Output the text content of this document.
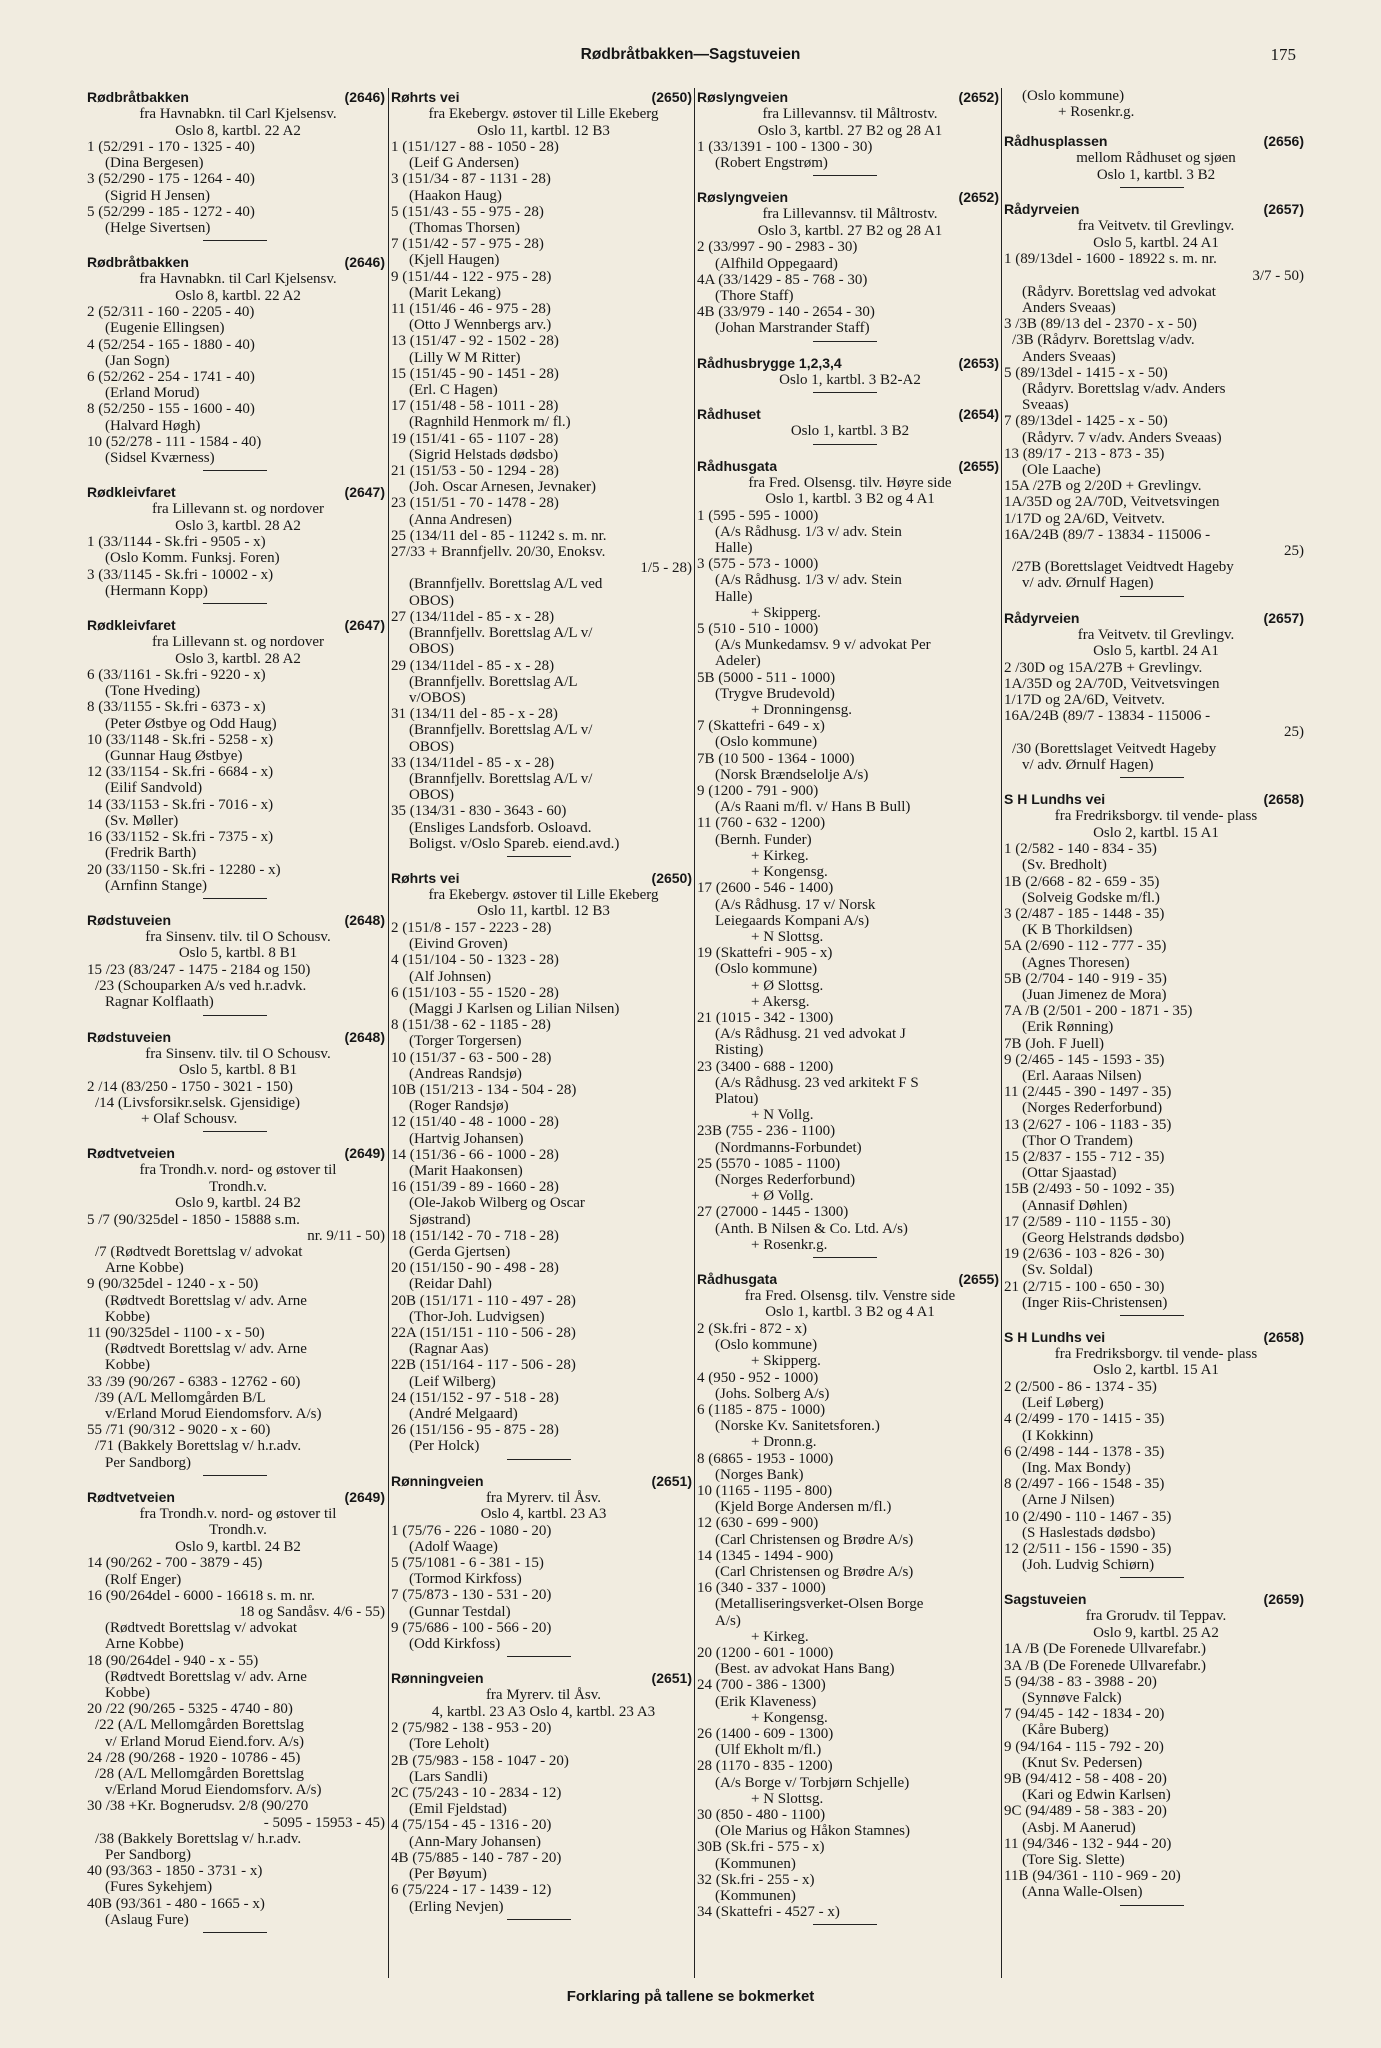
Rødbråtbakken—Sagstuveien	175
Rødbråtbakken	(2646)
fra Havnabkn. til Carl Kjelsensv.
Oslo 8, kartbl. 22 A2
1 (52/291 - 170 - 1325 - 40)
(Dina Bergesen)
3 (52/290 - 175 - 1264 - 40)
(Sigrid H Jensen)
5 (52/299 - 185 - 1272 - 40)
(Helge Sivertsen)
Rødbråtbakken	(2646)
fra Havnabkn. til Carl Kjelsensv.
Oslo 8, kartbl. 22 A2
2 (52/311 - 160 - 2205 - 40)
(Eugenie Ellingsen)
4 (52/254 - 165 - 1880 - 40)
(Jan Sogn)
6 (52/262 - 254 - 1741 - 40)
(Erland Morud)
8 (52/250 - 155 - 1600 - 40)
(Halvard Høgh)
10 (52/278 - 111 - 1584 - 40)
(Sidsel Kværness)
Rødkleivfaret	(2647)
fra Lillevann st. og nordover
Oslo 3, kartbl. 28 A2
1 (33/1144 - Sk.fri - 9505 - x)
(Oslo Komm. Funksj. Foren)
3 (33/1145 - Sk.fri - 10002 - x)
(Hermann Kopp)
Rødkleivfaret	(2647)
fra Lillevann st. og nordover
Oslo 3, kartbl. 28 A2
6 (33/1161 - Sk.fri - 9220 - x)
(Tone Hveding)
8 (33/1155 - Sk.fri - 6373 - x)
(Peter Østbye og Odd Haug)
10 (33/1148 - Sk.fri - 5258 - x)
(Gunnar Haug Østbye)
12 (33/1154 - Sk.fri - 6684 - x)
(Eilif Sandvold)
14 (33/1153 - Sk.fri - 7016 - x)
(Sv. Møller)
16 (33/1152 - Sk.fri - 7375 - x)
(Fredrik Barth)
20 (33/1150 - Sk.fri - 12280 - x)
(Arnfinn Stange)
Rødstuveien	(2648)
fra Sinsenv. tilv. til O Schousv.
Oslo 5, kartbl. 8 B1
15 /23 (83/247 - 1475 - 2184 og 150)
/23 (Schouparken A/s ved h.r.advk.
Ragnar Kolflaath)
Rødstuveien	(2648)
fra Sinsenv. tilv. til O Schousv.
Oslo 5, kartbl. 8 B1
2 /14 (83/250 - 1750 - 3021 - 150)
/14 (Livsforsikr.selsk. Gjensidige)
+ Olaf Schousv.
Rødtvetveien	(2649)
fra Trondh.v. nord- og østover til
Trondh.v.
Oslo 9, kartbl. 24 B2
5 /7 (90/325del - 1850 - 15888 s.m.
nr. 9/11 - 50)
/7 (Rødtvedt Borettslag v/ advokat
Arne Kobbe)
9 (90/325del - 1240 - x - 50)
(Rødtvedt Borettslag v/ adv. Arne
Kobbe)
11 (90/325del - 1100 - x - 50)
(Rødtvedt Borettslag v/ adv. Arne
Kobbe)
33 /39 (90/267 - 6383 - 12762 - 60)
/39 (A/L Mellomgården B/L
v/Erland Morud Eiendomsforv. A/s)
55 /71 (90/312 - 9020 - x - 60)
/71 (Bakkely Borettslag v/ h.r.adv.
Per Sandborg)
Rødtvetveien	(2649)
fra Trondh.v. nord- og østover til
Trondh.v.
Oslo 9, kartbl. 24 B2
14 (90/262 - 700 - 3879 - 45)
(Rolf Enger)
16 (90/264del - 6000 - 16618 s. m. nr.
18 og Sandåsv. 4/6 - 55)
(Rødtvedt Borettslag v/ advokat
Arne Kobbe)
18 (90/264del - 940 - x - 55)
(Rødtvedt Borettslag v/ adv. Arne
Kobbe)
20 /22 (90/265 - 5325 - 4740 - 80)
/22 (A/L Mellomgården Borettslag
v/ Erland Morud Eiend.forv. A/s)
24 /28 (90/268 - 1920 - 10786 - 45)
/28 (A/L Mellomgården Borettslag
v/Erland Morud Eiendomsforv. A/s)
30 /38 +Kr. Bognerudsv. 2/8 (90/270
- 5095 - 15953 - 45)
/38 (Bakkely Borettslag v/ h.r.adv.
Per Sandborg)
40 (93/363 - 1850 - 3731 - x)
(Fures Sykehjem)
40B (93/361 - 480 - 1665 - x)
(Aslaug Fure)
Røhrts vei	(2650)
fra Ekebergv. østover til Lille Ekeberg
Oslo 11, kartbl. 12 B3
1 (151/127 - 88 - 1050 - 28)
(Leif G Andersen)
3 (151/34 - 87 - 1131 - 28)
(Haakon Haug)
5 (151/43 - 55 - 975 - 28)
(Thomas Thorsen)
7 (151/42 - 57 - 975 - 28)
(Kjell Haugen)
9 (151/44 - 122 - 975 - 28)
(Marit Lekang)
11 (151/46 - 46 - 975 - 28)
(Otto J Wennbergs arv.)
13 (151/47 - 92 - 1502 - 28)
(Lilly W M Ritter)
15 (151/45 - 90 - 1451 - 28)
(Erl. C Hagen)
17 (151/48 - 58 - 1011 - 28)
(Ragnhild Henmork m/ fl.)
19 (151/41 - 65 - 1107 - 28)
(Sigrid Helstads dødsbo)
21 (151/53 - 50 - 1294 - 28)
(Joh. Oscar Arnesen, Jevnaker)
23 (151/51 - 70 - 1478 - 28)
(Anna Andresen)
25 (134/11 del - 85 - 11242 s. m. nr.
27/33 + Brannfjellv. 20/30, Enoksv.
1/5 - 28)
(Brannfjellv. Borettslag A/L ved
OBOS)
27 (134/11del - 85 - x - 28)
(Brannfjellv. Borettslag A/L v/
OBOS)
29 (134/11del - 85 - x - 28)
(Brannfjellv. Borettslag A/L
v/OBOS)
31 (134/11 del - 85 - x - 28)
(Brannfjellv. Borettslag A/L v/
OBOS)
33 (134/11del - 85 - x - 28)
(Brannfjellv. Borettslag A/L v/
OBOS)
35 (134/31 - 830 - 3643 - 60)
(Ensliges Landsforb. Osloavd.
Boligst. v/Oslo Spareb. eiend.avd.)
Røhrts vei	(2650)
fra Ekebergv. østover til Lille Ekeberg
Oslo 11, kartbl. 12 B3
2 (151/8 - 157 - 2223 - 28)
(Eivind Groven)
4 (151/104 - 50 - 1323 - 28)
(Alf Johnsen)
6 (151/103 - 55 - 1520 - 28)
(Maggi J Karlsen og Lilian Nilsen)
8 (151/38 - 62 - 1185 - 28)
(Torger Torgersen)
10 (151/37 - 63 - 500 - 28)
(Andreas Randsjø)
10B (151/213 - 134 - 504 - 28)
(Roger Randsjø)
12 (151/40 - 48 - 1000 - 28)
(Hartvig Johansen)
14 (151/36 - 66 - 1000 - 28)
(Marit Haakonsen)
16 (151/39 - 89 - 1660 - 28)
(Ole-Jakob Wilberg og Oscar
Sjøstrand)
18 (151/142 - 70 - 718 - 28)
(Gerda Gjertsen)
20 (151/150 - 90 - 498 - 28)
(Reidar Dahl)
20B (151/171 - 110 - 497 - 28)
(Thor-Joh. Ludvigsen)
22A (151/151 - 110 - 506 - 28)
(Ragnar Aas)
22B (151/164 - 117 - 506 - 28)
(Leif Wilberg)
24 (151/152 - 97 - 518 - 28)
(André Melgaard)
26 (151/156 - 95 - 875 - 28)
(Per Holck)
Rønningveien	(2651)
fra Myrerv. til Åsv.
Oslo 4, kartbl. 23 A3
1 (75/76 - 226 - 1080 - 20)
(Adolf Waage)
5 (75/1081 - 6 - 381 - 15)
(Tormod Kirkfoss)
7 (75/873 - 130 - 531 - 20)
(Gunnar Testdal)
9 (75/686 - 100 - 566 - 20)
(Odd Kirkfoss)
Rønningveien	(2651)
fra Myrerv. til Åsv.
4, kartbl. 23 A3 Oslo 4, kartbl. 23 A3
2 (75/982 - 138 - 953 - 20)
(Tore Leholt)
2B (75/983 - 158 - 1047 - 20)
(Lars Sandli)
2C (75/243 - 10 - 2834 - 12)
(Emil Fjeldstad)
4 (75/154 - 45 - 1316 - 20)
(Ann-Mary Johansen)
4B (75/885 - 140 - 787 - 20)
(Per Bøyum)
6 (75/224 - 17 - 1439 - 12)
(Erling Nevjen)
Røslyngveien	(2652)
fra Lillevannsv. til Måltrostv.
Oslo 3, kartbl. 27 B2 og 28 A1
1 (33/1391 - 100 - 1300 - 30)
(Robert Engstrøm)
Røslyngveien	(2652)
fra Lillevannsv. til Måltrostv.
Oslo 3, kartbl. 27 B2 og 28 A1
2 (33/997 - 90 - 2983 - 30)
(Alfhild Oppegaard)
4A (33/1429 - 85 - 768 - 30)
(Thore Staff)
4B (33/979 - 140 - 2654 - 30)
(Johan Marstrander Staff)
Rådhusbrygge 1,2,3,4	(2653)
Oslo 1, kartbl. 3 B2-A2
Rådhuset	(2654)
Oslo 1, kartbl. 3 B2
Rådhusgata	(2655)
fra Fred. Olsensg. tilv. Høyre side
Oslo 1, kartbl. 3 B2 og 4 A1
1 (595 - 595 - 1000)
(A/s Rådhusg. 1/3 v/ adv. Stein
Halle)
3 (575 - 573 - 1000)
(A/s Rådhusg. 1/3 v/ adv. Stein
Halle)
+ Skipperg.
5 (510 - 510 - 1000)
(A/s Munkedamsv. 9 v/ advokat Per
Adeler)
5B (5000 - 511 - 1000)
(Trygve Brudevold)
+ Dronningensg.
7 (Skattefri - 649 - x)
(Oslo kommune)
7B (10 500 - 1364 - 1000)
(Norsk Brændselolje A/s)
9 (1200 - 791 - 900)
(A/s Raani m/fl. v/ Hans B Bull)
11 (760 - 632 - 1200)
(Bernh. Funder)
+ Kirkeg.
+ Kongensg.
17 (2600 - 546 - 1400)
(A/s Rådhusg. 17 v/ Norsk
Leiegaards Kompani A/s)
+ N Slottsg.
19 (Skattefri - 905 - x)
(Oslo kommune)
+ Ø Slottsg.
+ Akersg.
21 (1015 - 342 - 1300)
(A/s Rådhusg. 21 ved advokat J
Risting)
23 (3400 - 688 - 1200)
(A/s Rådhusg. 23 ved arkitekt F S
Platou)
+ N Vollg.
23B (755 - 236 - 1100)
(Nordmanns-Forbundet)
25 (5570 - 1085 - 1100)
(Norges Rederforbund)
+ Ø Vollg.
27 (27000 - 1445 - 1300)
(Anth. B Nilsen & Co. Ltd. A/s)
+ Rosenkr.g.
Rådhusgata	(2655)
fra Fred. Olsensg. tilv. Venstre side
Oslo 1, kartbl. 3 B2 og 4 A1
2 (Sk.fri - 872 - x)
(Oslo kommune)
+ Skipperg.
4 (950 - 952 - 1000)
(Johs. Solberg A/s)
6 (1185 - 875 - 1000)
(Norske Kv. Sanitetsforen.)
+ Dronn.g.
8 (6865 - 1953 - 1000)
(Norges Bank)
10 (1165 - 1195 - 800)
(Kjeld Borge Andersen m/fl.)
12 (630 - 699 - 900)
(Carl Christensen og Brødre A/s)
14 (1345 - 1494 - 900)
(Carl Christensen og Brødre A/s)
16 (340 - 337 - 1000)
(Metalliseringsverket-Olsen Borge
A/s)
+ Kirkeg.
20 (1200 - 601 - 1000)
(Best. av advokat Hans Bang)
24 (700 - 386 - 1300)
(Erik Klaveness)
+ Kongensg.
26 (1400 - 609 - 1300)
(Ulf Ekholt m/fl.)
28 (1170 - 835 - 1200)
(A/s Borge v/ Torbjørn Schjelle)
+ N Slottsg.
30 (850 - 480 - 1100)
(Ole Marius og Håkon Stamnes)
30B (Sk.fri - 575 - x)
(Kommunen)
32 (Sk.fri - 255 - x)
(Kommunen)
34 (Skattefri - 4527 - x)
(Oslo kommune)
+ Rosenkr.g.
Rådhusplassen	(2656)
mellom Rådhuset og sjøen
Oslo 1, kartbl. 3 B2
Rådyrveien	(2657)
fra Veitvetv. til Grevlingv.
Oslo 5, kartbl. 24 A1
1 (89/13del - 1600 - 18922 s. m. nr.
3/7 - 50)
(Rådyrv. Borettslag ved advokat
Anders Sveaas)
3 /3B (89/13 del - 2370 - x - 50)
/3B (Rådyrv. Borettslag v/adv.
Anders Sveaas)
5 (89/13del - 1415 - x - 50)
(Rådyrv. Borettslag v/adv. Anders
Sveaas)
7 (89/13del - 1425 - x - 50)
(Rådyrv. 7 v/adv. Anders Sveaas)
13 (89/17 - 213 - 873 - 35)
(Ole Laache)
15A /27B og 2/20D + Grevlingv.
1A/35D og 2A/70D, Veitvetsvingen
1/17D og 2A/6D, Veitvetv.
16A/24B (89/7 - 13834 - 115006 -
25)
/27B (Borettslaget Veidtvedt Hageby
v/ adv. Ørnulf Hagen)
Rådyrveien	(2657)
fra Veitvetv. til Grevlingv.
Oslo 5, kartbl. 24 A1
2 /30D og 15A/27B + Grevlingv.
1A/35D og 2A/70D, Veitvetsvingen
1/17D og 2A/6D, Veitvetv.
16A/24B (89/7 - 13834 - 115006 -
25)
/30 (Borettslaget Veitvedt Hageby
v/ adv. Ørnulf Hagen)
S H Lundhs vei	(2658)
fra Fredriksborgv. til vende- plass
Oslo 2, kartbl. 15 A1
1 (2/582 - 140 - 834 - 35)
(Sv. Bredholt)
1B (2/668 - 82 - 659 - 35)
(Solveig Godske m/fl.)
3 (2/487 - 185 - 1448 - 35)
(K B Thorkildsen)
5A (2/690 - 112 - 777 - 35)
(Agnes Thoresen)
5B (2/704 - 140 - 919 - 35)
(Juan Jimenez de Mora)
7A /B (2/501 - 200 - 1871 - 35)
(Erik Rønning)
7B (Joh. F Juell)
9 (2/465 - 145 - 1593 - 35)
(Erl. Aaraas Nilsen)
11 (2/445 - 390 - 1497 - 35)
(Norges Rederforbund)
13 (2/627 - 106 - 1183 - 35)
(Thor O Trandem)
15 (2/837 - 155 - 712 - 35)
(Ottar Sjaastad)
15B (2/493 - 50 - 1092 - 35)
(Annasif Døhlen)
17 (2/589 - 110 - 1155 - 30)
(Georg Helstrands dødsbo)
19 (2/636 - 103 - 826 - 30)
(Sv. Soldal)
21 (2/715 - 100 - 650 - 30)
(Inger Riis-Christensen)
S H Lundhs vei	(2658)
fra Fredriksborgv. til vende- plass
Oslo 2, kartbl. 15 A1
2 (2/500 - 86 - 1374 - 35)
(Leif Løberg)
4 (2/499 - 170 - 1415 - 35)
(I Kokkinn)
6 (2/498 - 144 - 1378 - 35)
(Ing. Max Bondy)
8 (2/497 - 166 - 1548 - 35)
(Arne J Nilsen)
10 (2/490 - 110 - 1467 - 35)
(S Haslestads dødsbo)
12 (2/511 - 156 - 1590 - 35)
(Joh. Ludvig Schiørn)
Sagstuveien	(2659)
fra Grorudv. til Teppav.
Oslo 9, kartbl. 25 A2
1A /B (De Forenede Ullvarefabr.)
3A /B (De Forenede Ullvarefabr.)
5 (94/38 - 83 - 3988 - 20)
(Synnøve Falck)
7 (94/45 - 142 - 1834 - 20)
(Kåre Buberg)
9 (94/164 - 115 - 792 - 20)
(Knut Sv. Pedersen)
9B (94/412 - 58 - 408 - 20)
(Kari og Edwin Karlsen)
9C (94/489 - 58 - 383 - 20)
(Asbj. M Aanerud)
11 (94/346 - 132 - 944 - 20)
(Tore Sig. Slette)
11B (94/361 - 110 - 969 - 20)
(Anna Walle-Olsen)
Forklaring på tallene se bokmerket
